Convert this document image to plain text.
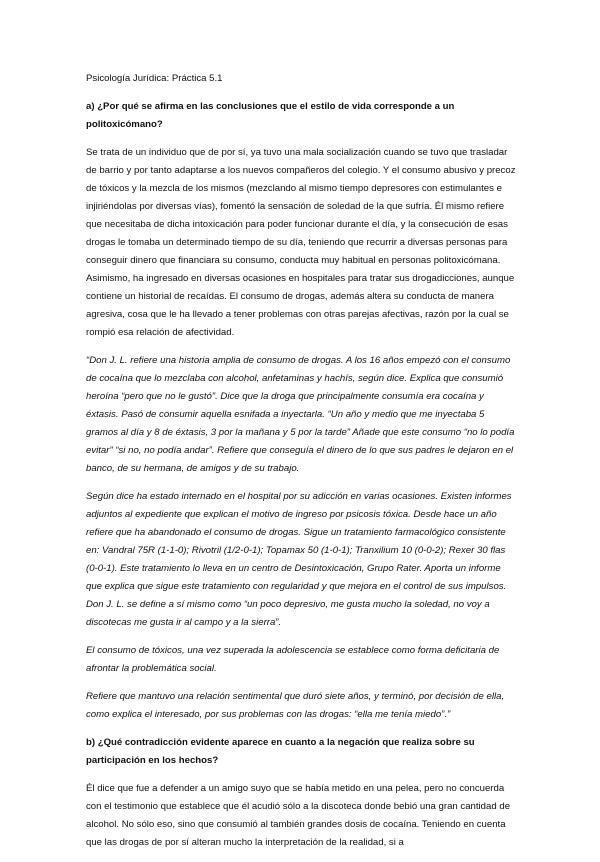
Psicología Jurídica: Práctica 5.1
a) ¿Por qué se afirma en las conclusiones que el estilo de vida corresponde a un politoxicómano?
Se trata de un individuo que de por sí, ya tuvo una mala socialización cuando se tuvo que trasladar de barrio y por tanto adaptarse a los nuevos compañeros del colegio. Y el consumo abusivo y precoz de tóxicos y la mezcla de los mismos (mezclando al mismo tiempo depresores con estimulantes e injiriéndolas por diversas vías), fomentó la sensación de soledad de la que sufría. Él mismo refiere que necesitaba de dicha intoxicación para poder funcionar durante el día, y la consecución de esas drogas le tomaba un determinado tiempo de su día, teniendo que recurrir a diversas personas para conseguir dinero que financiara su consumo, conducta muy habitual en personas politoxicómana. Asimismo, ha ingresado en diversas ocasiones en hospitales para tratar sus drogadicciones, aunque contiene un historial de recaídas. El consumo de drogas, además altera su conducta de manera agresiva, cosa que le ha llevado a tener problemas con otras parejas afectivas, razón por la cual se rompió esa relación de afectividad.
“Don J. L. refiere una historia amplia de consumo de drogas. A los 16 años empezó con el consumo de cocaína que lo mezclaba con alcohol, anfetaminas y hachís, según dice. Explica que consumió heroína “pero que no le gustó”. Dice que la droga que principalmente consumía era cocaína y éxtasis. Pasó de consumir aquella esnifada a inyectarla. “Un año y medio que me inyectaba 5 gramos al día y 8 de éxtasis, 3 por la mañana y 5 por la tarde” Añade que este consumo “no lo podía evitar” “si no, no podía andar”. Refiere que conseguía el dinero de lo que sus padres le dejaron en el banco, de su hermana, de amigos y de su trabajo.
Según dice ha estado internado en el hospital por su adicción en varias ocasiones. Existen informes adjuntos al expediente que explican el motivo de ingreso por psicosis tóxica. Desde hace un año refiere que ha abandonado el consumo de drogas. Sigue un tratamiento farmacológico consistente en: Vandral 75R (1-1-0); Rivotril (1/2-0-1); Topamax 50 (1-0-1); Tranxilium 10 (0-0-2); Rexer 30 flas (0-0-1). Este tratamiento lo lleva en un centro de Desintoxicación, Grupo Rater. Aporta un informe que explica que sigue este tratamiento con regularidad y que mejora en el control de sus impulsos. Don J. L. se define a sí mismo como “un poco depresivo, me gusta mucho la soledad, no voy a discotecas me gusta ir al campo y a la sierra”.
El consumo de tóxicos, una vez superada la adolescencia se establece como forma deficitaria de afrontar la problemática social.
Refiere que mantuvo una relación sentimental que duró siete años, y terminó, por decisión de ella, como explica el interesado, por sus problemas con las drogas: “ella me tenía miedo”.”
b) ¿Qué contradicción evidente aparece en cuanto a la negación que realiza sobre su participación en los hechos?
Él dice que fue a defender a un amigo suyo que se había metido en una pelea, pero no concuerda con el testimonio que establece que él acudió sólo a la discoteca donde bebió una gran cantidad de alcohol. No sólo eso, sino que consumió al también grandes dosis de cocaína. Teniendo en cuenta que las drogas de por sí alteran mucho la interpretación de la realidad, si a
